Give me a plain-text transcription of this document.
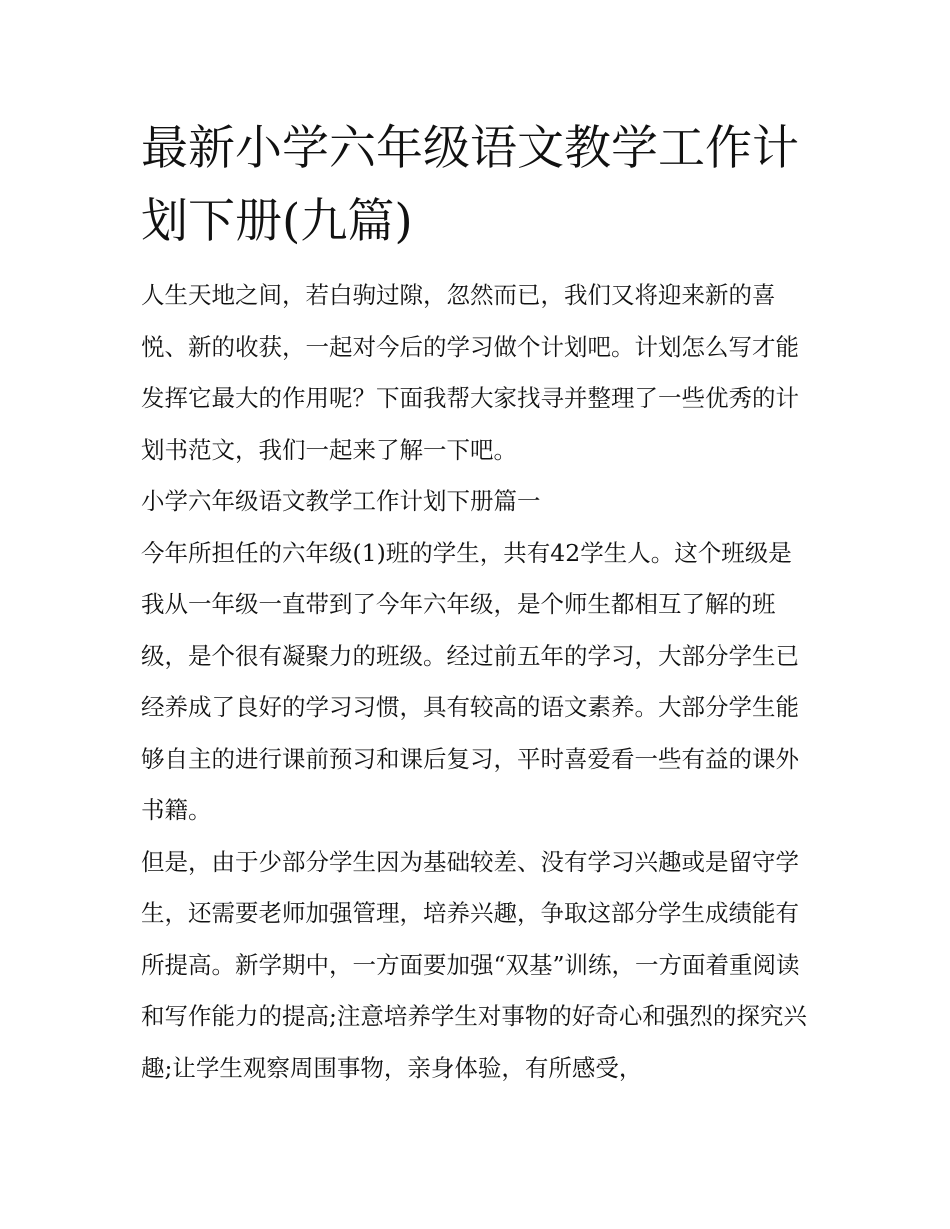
最新小学六年级语文教学工作计划下册(九篇)

人生天地之间，若白驹过隙，忽然而已，我们又将迎来新的喜悦、新的收获，一起对今后的学习做个计划吧。计划怎么写才能发挥它最大的作用呢？下面我帮大家找寻并整理了一些优秀的计划书范文，我们一起来了解一下吧。

小学六年级语文教学工作计划下册篇一

今年所担任的六年级(1)班的学生，共有42学生人。这个班级是我从一年级一直带到了今年六年级，是个师生都相互了解的班级，是个很有凝聚力的班级。经过前五年的学习，大部分学生已经养成了良好的学习习惯，具有较高的语文素养。大部分学生能够自主的进行课前预习和课后复习，平时喜爱看一些有益的课外书籍。

但是，由于少部分学生因为基础较差、没有学习兴趣或是留守学生，还需要老师加强管理，培养兴趣，争取这部分学生成绩能有所提高。新学期中，一方面要加强“双基”训练，一方面着重阅读和写作能力的提高;注意培养学生对事物的好奇心和强烈的探究兴趣;让学生观察周围事物，亲身体验，有所感受，
